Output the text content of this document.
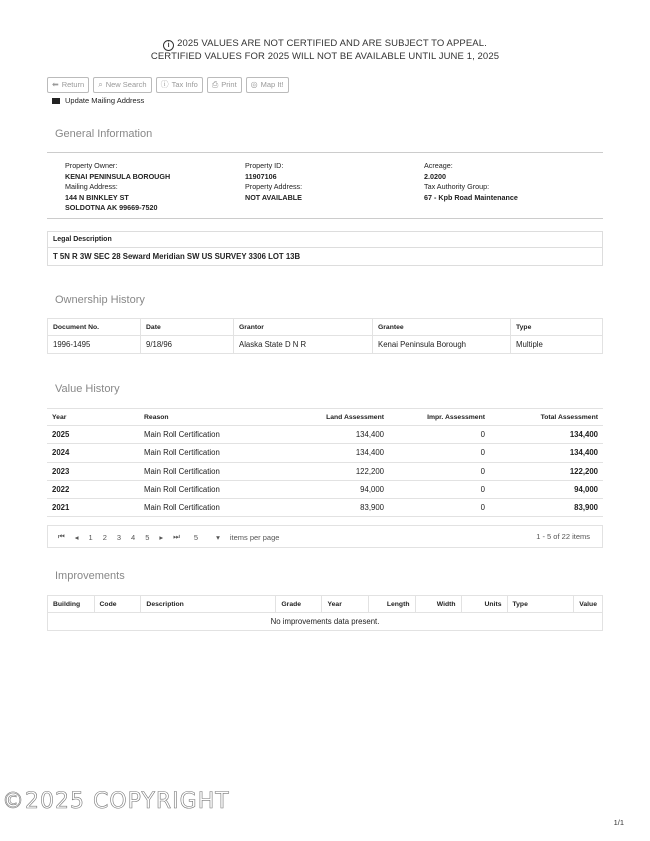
i 2025 VALUES ARE NOT CERTIFIED AND ARE SUBJECT TO APPEAL.
CERTIFIED VALUES FOR 2025 WILL NOT BE AVAILABLE UNTIL JUNE 1, 2025
⬅ Return ⌕ New Search ⓘ Tax Info ⎙ Print ◎ Map It!
Update Mailing Address
General Information
Property Owner:
KENAI PENINSULA BOROUGH
Mailing Address:
144 N BINKLEY ST
SOLDOTNA AK 99669-7520
Property ID:
11907106
Property Address:
NOT AVAILABLE
Acreage:
2.0200
Tax Authority Group:
67 - Kpb Road Maintenance
Legal Description
T 5N R 3W SEC 28 Seward Meridian SW US SURVEY 3306 LOT 13B
Ownership History
Document No.	Date	Grantor	Grantee	Type
1996-1495	9/18/96	Alaska State D N R	Kenai Peninsula Borough	Multiple
Value History
Year	Reason	Land Assessment	Impr. Assessment	Total Assessment
2025	Main Roll Certification	134,400	0	134,400
2024	Main Roll Certification	134,400	0	134,400
2023	Main Roll Certification	122,200	0	122,200
2022	Main Roll Certification	94,000	0	94,000
2021	Main Roll Certification	83,900	0	83,900
⏮ ◂ 1 2 3 4 5 ▸ ⏭ 5 ▾ items per page	1 - 5 of 22 items
Improvements
Building	Code	Description	Grade	Year	Length	Width	Units	Type	Value
No improvements data present.
©2025 COPYRIGHT
1/1
